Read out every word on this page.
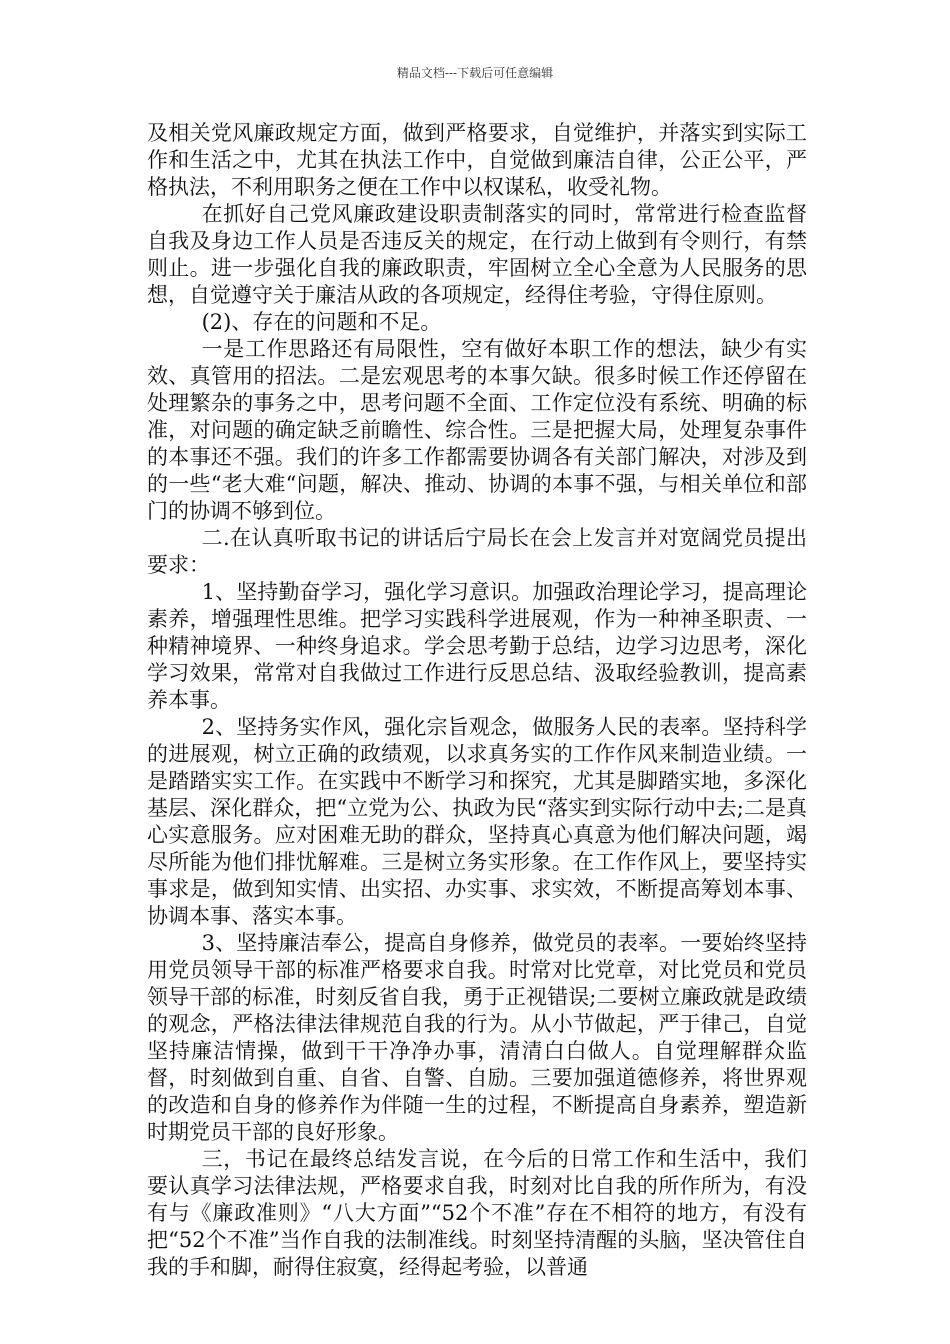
精品文档---下载后可任意编辑

及相关党风廉政规定方面，做到严格要求，自觉维护，并落实到实际工作和生活之中，尤其在执法工作中，自觉做到廉洁自律，公正公平，严格执法，不利用职务之便在工作中以权谋私，收受礼物。

在抓好自己党风廉政建设职责制落实的同时，常常进行检查监督自我及身边工作人员是否违反关的规定，在行动上做到有令则行，有禁则止。进一步强化自我的廉政职责，牢固树立全心全意为人民服务的思想，自觉遵守关于廉洁从政的各项规定，经得住考验，守得住原则。

(2)、存在的问题和不足。

一是工作思路还有局限性，空有做好本职工作的想法，缺少有实效、真管用的招法。二是宏观思考的本事欠缺。很多时候工作还停留在处理繁杂的事务之中，思考问题不全面、工作定位没有系统、明确的标准，对问题的确定缺乏前瞻性、综合性。三是把握大局，处理复杂事件的本事还不强。我们的许多工作都需要协调各有关部门解决，对涉及到的一些“老大难“问题，解决、推动、协调的本事不强，与相关单位和部门的协调不够到位。

二.在认真听取书记的讲话后宁局长在会上发言并对宽阔党员提出要求：

1、坚持勤奋学习，强化学习意识。加强政治理论学习，提高理论素养，增强理性思维。把学习实践科学进展观，作为一种神圣职责、一种精神境界、一种终身追求。学会思考勤于总结，边学习边思考，深化学习效果，常常对自我做过工作进行反思总结、汲取经验教训，提高素养本事。

2、坚持务实作风，强化宗旨观念，做服务人民的表率。坚持科学的进展观，树立正确的政绩观，以求真务实的工作作风来制造业绩。一是踏踏实实工作。在实践中不断学习和探究，尤其是脚踏实地，多深化基层、深化群众，把“立党为公、执政为民“落实到实际行动中去;二是真心实意服务。应对困难无助的群众，坚持真心真意为他们解决问题，竭尽所能为他们排忧解难。三是树立务实形象。在工作作风上，要坚持实事求是，做到知实情、出实招、办实事、求实效，不断提高筹划本事、协调本事、落实本事。

3、坚持廉洁奉公，提高自身修养，做党员的表率。一要始终坚持用党员领导干部的标准严格要求自我。时常对比党章，对比党员和党员领导干部的标准，时刻反省自我，勇于正视错误;二要树立廉政就是政绩的观念，严格法律法律规范自我的行为。从小节做起，严于律己，自觉坚持廉洁情操，做到干干净净办事，清清白白做人。自觉理解群众监督，时刻做到自重、自省、自警、自励。三要加强道德修养，将世界观的改造和自身的修养作为伴随一生的过程，不断提高自身素养，塑造新时期党员干部的良好形象。

三，书记在最终总结发言说，在今后的日常工作和生活中，我们要认真学习法律法规，严格要求自我，时刻对比自我的所作所为，有没有与《廉政准则》“八大方面”“52个不准”存在不相符的地方，有没有把“52个不准”当作自我的法制准线。时刻坚持清醒的头脑，坚决管住自我的手和脚，耐得住寂寞，经得起考验，以普通
